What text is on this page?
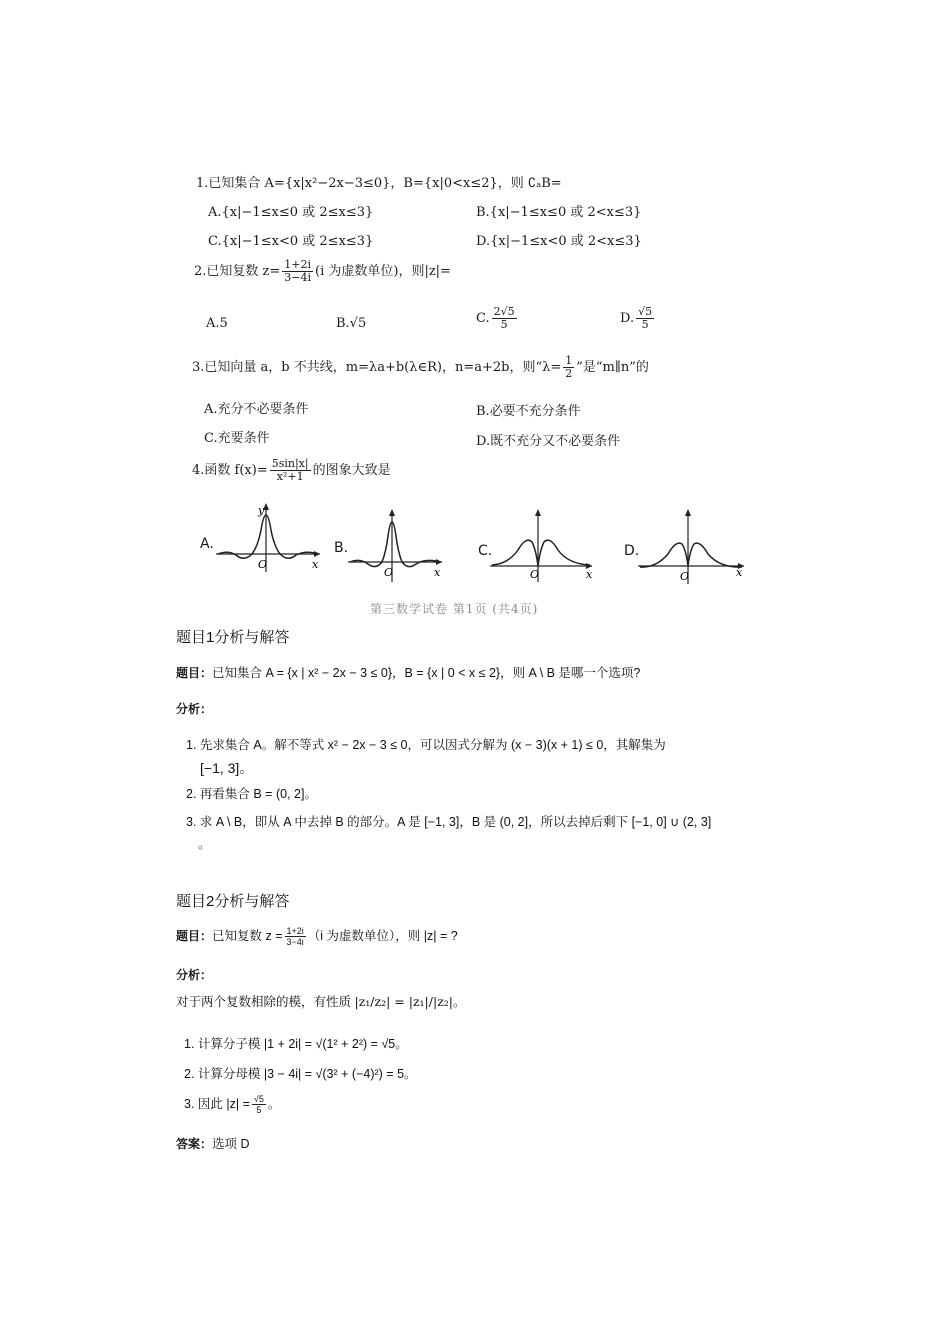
1.已知集合 A={x|x²−2x−3≤0}，B={x|0<x≤2}，则 ∁ₐB=
A.{x|−1≤x≤0 或 2≤x≤3}	B.{x|−1≤x≤0 或 2<x≤3}
C.{x|−1≤x<0 或 2≤x≤3}	D.{x|−1≤x<0 或 2<x≤3}
2.已知复数 $z= \frac{1+2i}{3-4i} (i$ 为虚数单位)，则|z|=
A.5	B.√5	C. $\frac{2√5}{5}$	D. $\frac{√5}{5}$
3.已知向量 a，b 不共线，m=λa+b(λ∈R)，n=a+2b，则“$\lambda= \frac{1}{2}$ ”是“m∥n”的
A.充分不必要条件	B.必要不充分条件
C.充要条件	D.既不充分又不必要条件
4.函数 $f(x)= \frac{5\sin|x|}{\text{x²+1}}$ 的图象大致是
A.
y
O	x
B.
O	x
C.
O	x
D.
O	x
第三数学试卷 第1页 (共4页)
题目1分析与解答
题目：已知集合 A = {x | x² − 2x − 3 ≤ 0}，B = {x | 0 < x ≤ 2}，则 A \ B 是哪一个选项?
分析：
1. 先求集合 A。解不等式 x² − 2x − 3 ≤ 0，可以因式分解为 (x − 3)(x + 1) ≤ 0，其解集为
[−1, 3]。
2. 再看集合 B = (0, 2]。
3. 求 A \ B，即从 A 中去掉 B 的部分。A 是 [−1, 3]，B 是 (0, 2]，所以去掉后剩下 [−1, 0] ∪ (2, 3]
。
题目2分析与解答
题目：已知复数 $z = \frac{1+2i}{3-4i} (i$ 为虚数单位），则 |z| = ?
分析：
对于两个复数相除的模，有性质 |z₁/z₂| = |z₁|/|z₂|。
1. 计算分子模 |1 + 2i| = √(1² + 2²) = √5。
2. 计算分母模 |3 − 4i| = √(3² + (−4)²) = 5。
3. 因此 $|z| = \frac{√5}{5}$ 。
答案：选项 D
